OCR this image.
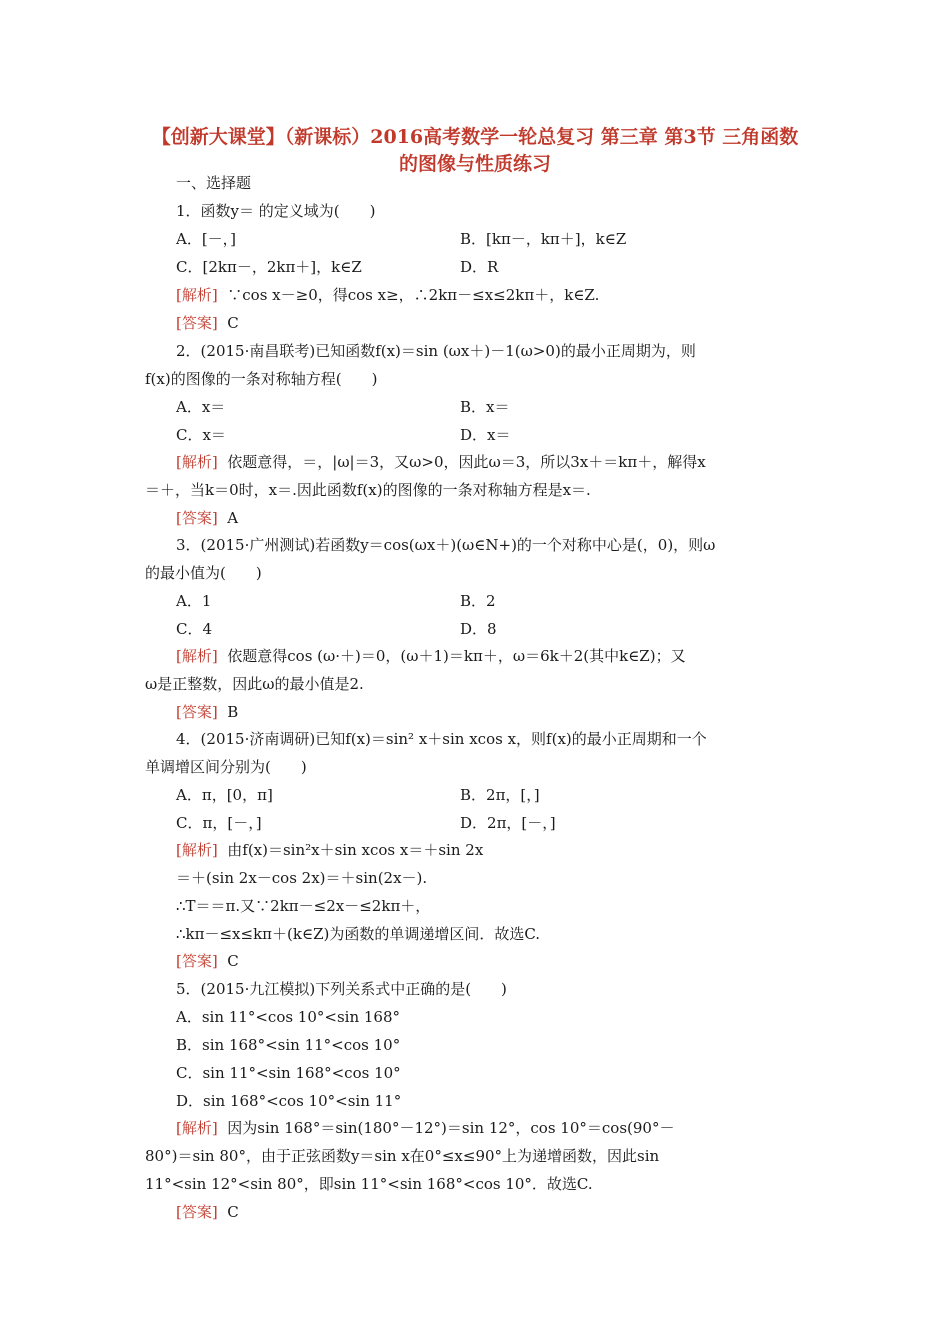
【创新大课堂】（新课标）2016高考数学一轮总复习 第三章 第3节 三角函数的图像与性质练习
一、选择题
1．函数y＝ 的定义域为(　　)
A．[－，]	B．[kπ－，kπ＋]，k∈Z
C．[2kπ－，2kπ＋]，k∈Z	D．R
[解析] ∵cos x－≥0，得cos x≥，∴2kπ－≤x≤2kπ＋，k∈Z.
[答案] C
2．(2015·南昌联考)已知函数f(x)＝sin (ωx＋)－1(ω>0)的最小正周期为，则
f(x)的图像的一条对称轴方程(　　)
A．x＝	B．x＝
C．x＝	D．x＝
[解析] 依题意得，＝，|ω|＝3，又ω>0，因此ω＝3，所以3x＋＝kπ＋，解得x
＝＋，当k＝0时，x＝.因此函数f(x)的图像的一条对称轴方程是x＝.
[答案] A
3．(2015·广州测试)若函数y＝cos(ωx＋)(ω∈N+)的一个对称中心是(，0)，则ω
的最小值为(　　)
A．1	B．2
C．4	D．8
[解析] 依题意得cos (ω·＋)＝0，(ω＋1)＝kπ＋，ω＝6k＋2(其中k∈Z)；又
ω是正整数，因此ω的最小值是2.
[答案] B
4．(2015·济南调研)已知f(x)＝sin² x＋sin xcos x，则f(x)的最小正周期和一个
单调增区间分别为(　　)
A．π，[0，π]	B．2π，[，]
C．π，[－，]	D．2π，[－，]
[解析] 由f(x)＝sin²x＋sin xcos x＝＋sin 2x
＝＋(sin 2x－cos 2x)＝＋sin(2x－).
∴T＝＝π.又∵2kπ－≤2x－≤2kπ＋，
∴kπ－≤x≤kπ＋(k∈Z)为函数的单调递增区间．故选C.
[答案] C
5．(2015·九江模拟)下列关系式中正确的是(　　)
A．sin 11°<cos 10°<sin 168°
B．sin 168°<sin 11°<cos 10°
C．sin 11°<sin 168°<cos 10°
D．sin 168°<cos 10°<sin 11°
[解析] 因为sin 168°＝sin(180°－12°)＝sin 12°，cos 10°＝cos(90°－
80°)＝sin 80°，由于正弦函数y＝sin x在0°≤x≤90°上为递增函数，因此sin
11°<sin 12°<sin 80°，即sin 11°<sin 168°<cos 10°．故选C.
[答案] C
